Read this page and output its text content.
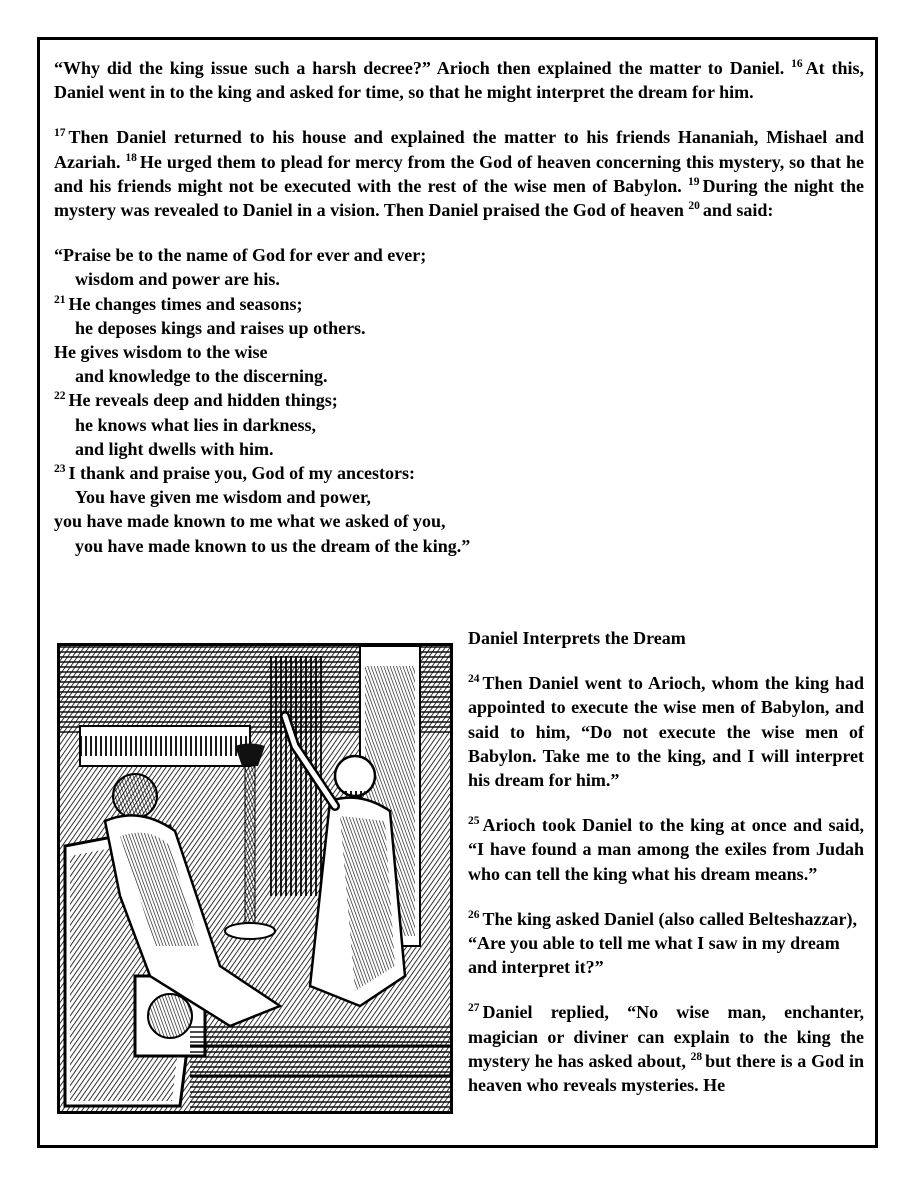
“Why did the king issue such a harsh decree?” Arioch then explained the matter to Daniel. $^{16}$ At this, Daniel went in to the king and asked for time, so that he might interpret the dream for him.

$^{17}$ Then Daniel returned to his house and explained the matter to his friends Hananiah, Mishael and Azariah. $^{18}$ He urged them to plead for mercy from the God of heaven concerning this mystery, so that he and his friends might not be executed with the rest of the wise men of Babylon. $^{19}$ During the night the mystery was revealed to Daniel in a vision. Then Daniel praised the God of heaven $^{20}$ and said:

“Praise be to the name of God for ever and ever;
wisdom and power are his.
$^{21}$ He changes times and seasons;
he deposes kings and raises up others.
He gives wisdom to the wise
and knowledge to the discerning.
$^{22}$ He reveals deep and hidden things;
he knows what lies in darkness,
and light dwells with him.
$^{23}$ I thank and praise you, God of my ancestors:
You have given me wisdom and power,
you have made known to me what we asked of you,
you have made known to us the dream of the king.”
Daniel Interprets the Dream

$^{24}$ Then Daniel went to Arioch, whom the king had appointed to execute the wise men of Babylon, and said to him, “Do not execute the wise men of Babylon. Take me to the king, and I will interpret his dream for him.”

$^{25}$ Arioch took Daniel to the king at once and said, “I have found a man among the exiles from Judah who can tell the king what his dream means.”

$^{26}$ The king asked Daniel (also called Belteshazzar), “Are you able to tell me what I saw in my dream and interpret it?”

$^{27}$ Daniel replied, “No wise man, enchanter, magician or diviner can explain to the king the mystery he has asked about, $^{28}$ but there is a God in heaven who reveals mysteries. He
